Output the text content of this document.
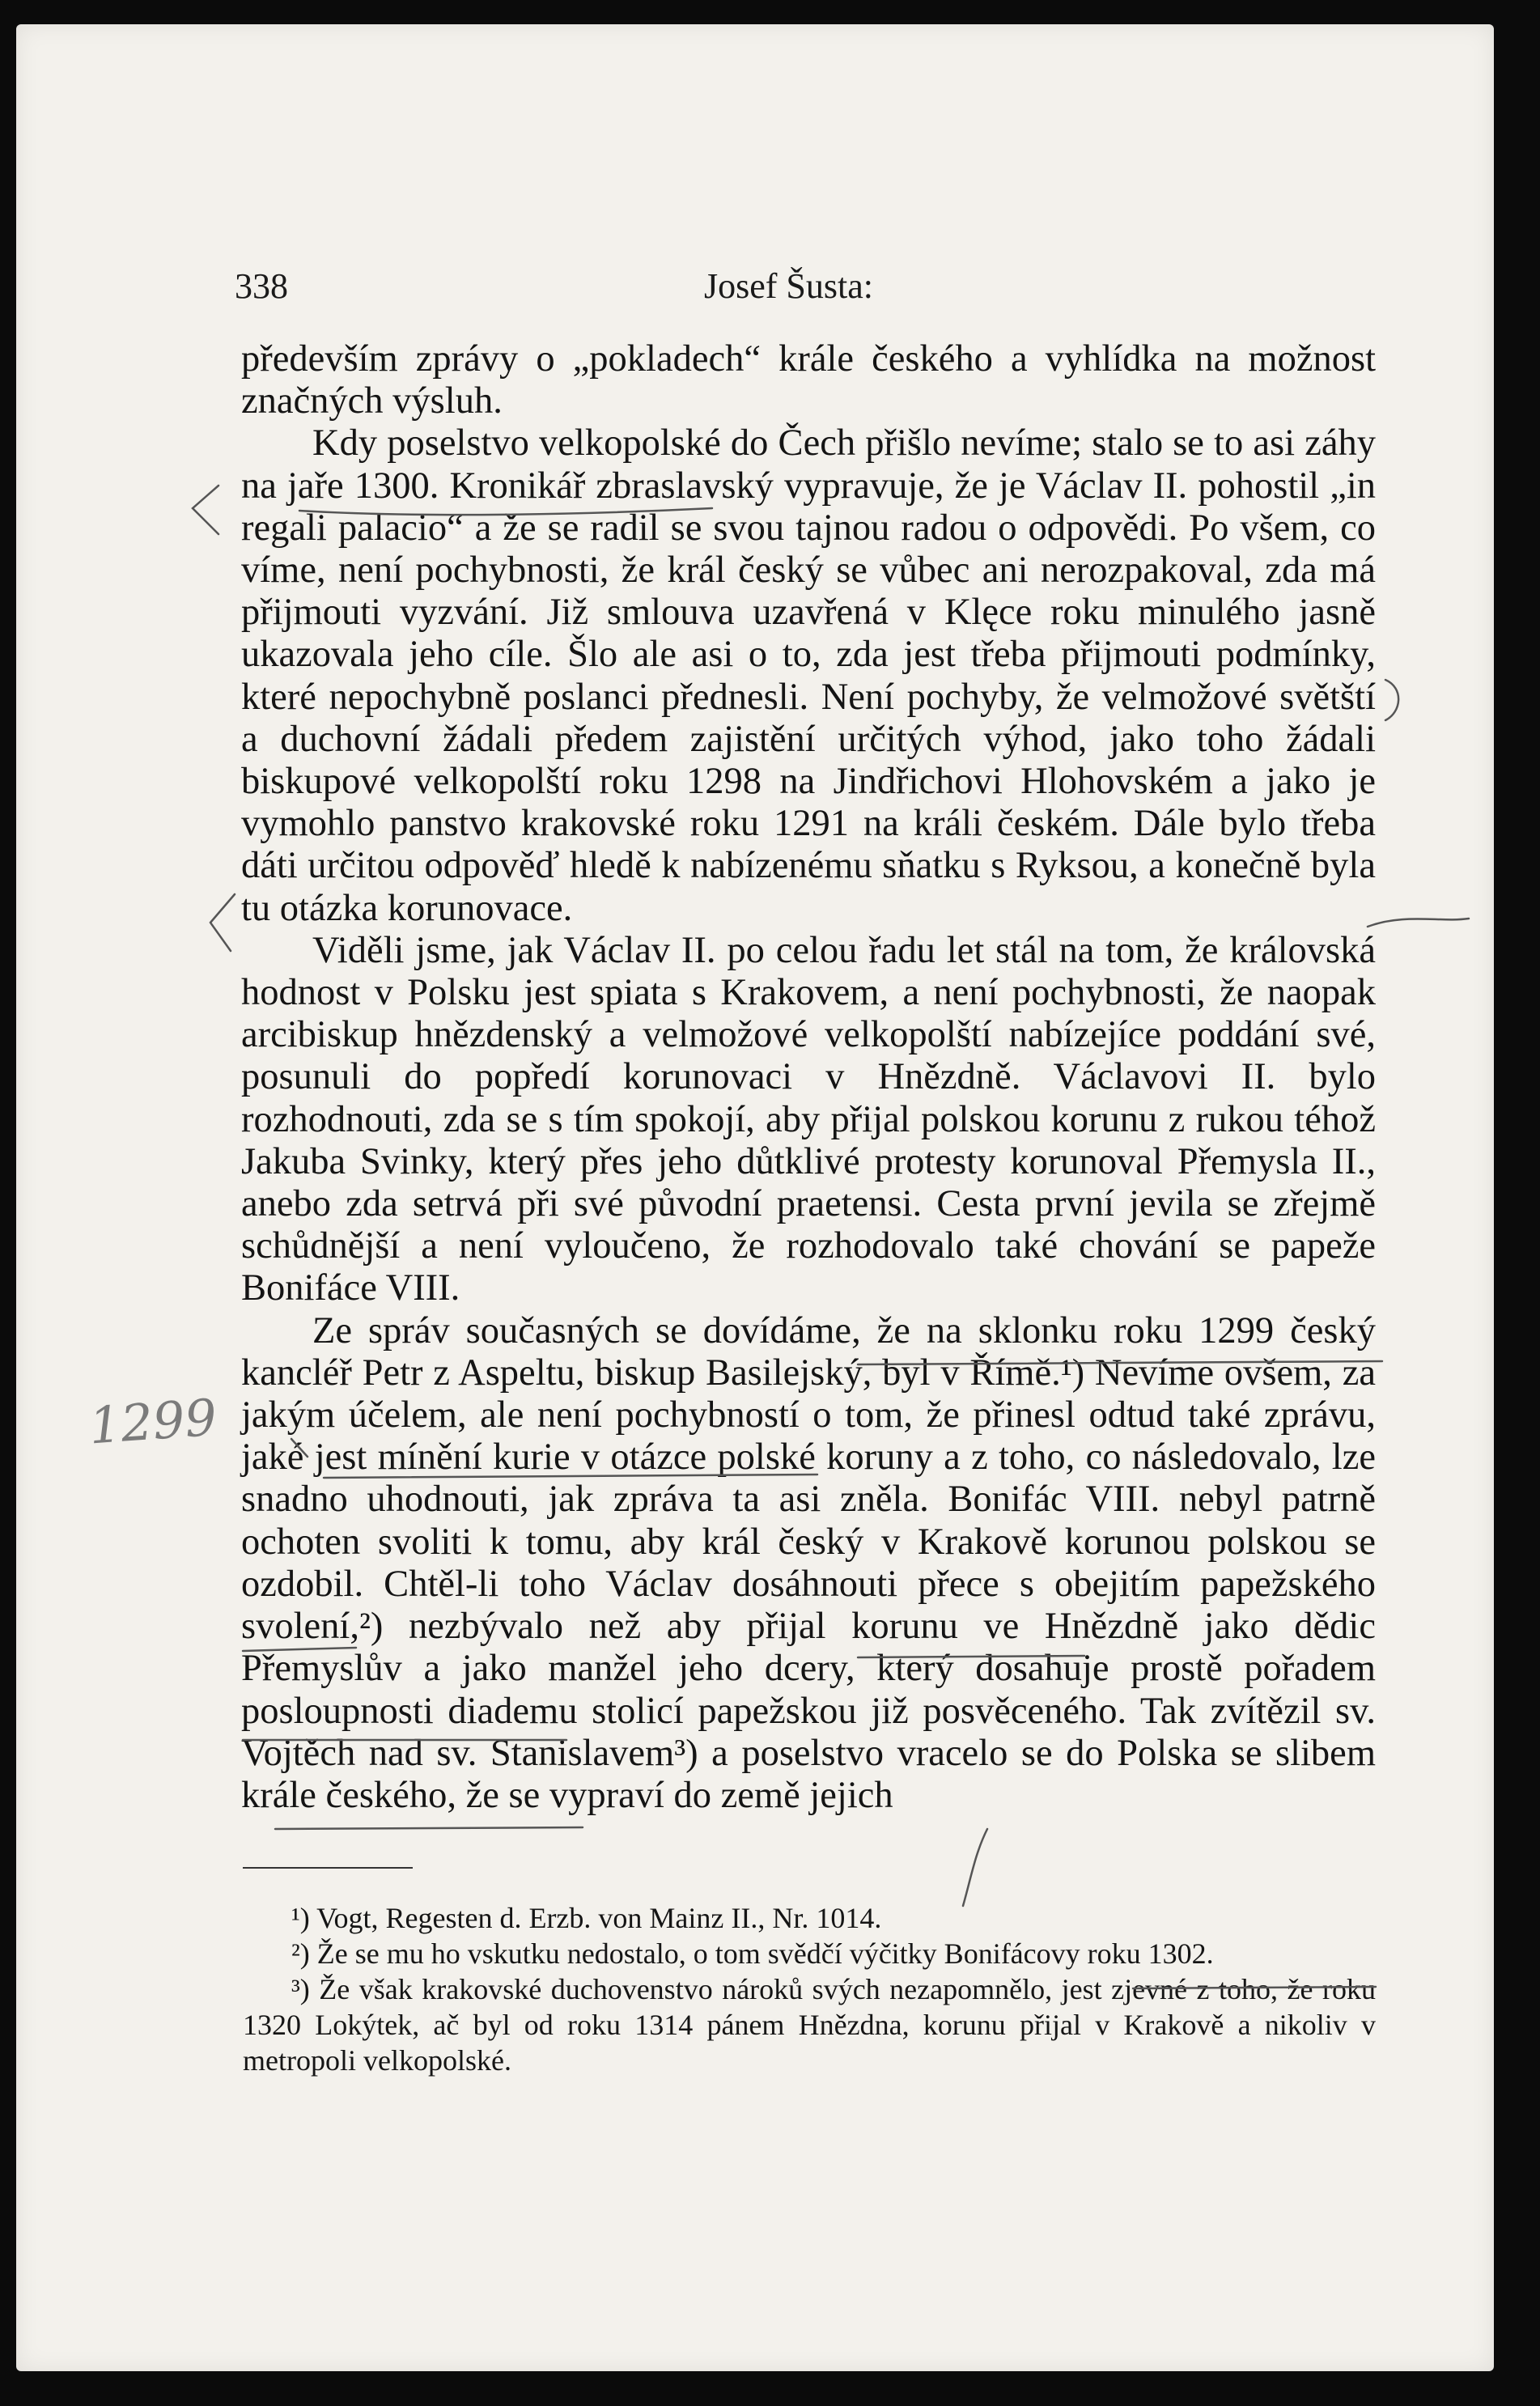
338	Josef Šusta:

především zprávy o „pokladech“ krále českého a vyhlídka na možnost značných výsluh.

Kdy poselstvo velkopolské do Čech přišlo nevíme; stalo se to asi záhy na jaře 1300. Kronikář zbraslavský vypravuje, že je Václav II. pohostil „in regali palacio“ a že se radil se svou tajnou radou o odpovědi. Po všem, co víme, není pochybnosti, že král český se vůbec ani nerozpakoval, zda má přijmouti vyzvání. Již smlouva uzavřená v Klęce roku minulého jasně ukazovala jeho cíle. Šlo ale asi o to, zda jest třeba přijmouti podmínky, které nepochybně poslanci přednesli. Není pochyby, že velmožové světští a duchovní žádali předem zajistění určitých výhod, jako toho žádali biskupové velkopolští roku 1298 na Jindřichovi Hlohovském a jako je vymohlo panstvo krakovské roku 1291 na králi českém. Dále bylo třeba dáti určitou odpověď hledě k nabízenému sňatku s Ryksou, a konečně byla tu otázka korunovace.

Viděli jsme, jak Václav II. po celou řadu let stál na tom, že královská hodnost v Polsku jest spiata s Krakovem, a není pochybnosti, že naopak arcibiskup hnězdenský a velmožové velkopolští nabízejíce poddání své, posunuli do popředí korunovaci v Hnězdně. Václavovi II. bylo rozhodnouti, zda se s tím spokojí, aby přijal polskou korunu z rukou téhož Jakuba Svinky, který přes jeho důtklivé protesty korunoval Přemysla II., anebo zda setrvá při své původní praetensi. Cesta první jevila se zřejmě schůdnější a není vyloučeno, že rozhodovalo také chování se papeže Bonifáce VIII.

Ze správ současných se dovídáme, že na sklonku roku 1299 český kancléř Petr z Aspeltu, biskup Basilejský, byl v Římě.¹) Nevíme ovšem, za jakým účelem, ale není pochybností o tom, že přinesl odtud také zprávu, jaké jest mínění kurie v otázce polské koruny a z toho, co následovalo, lze snadno uhodnouti, jak zpráva ta asi zněla. Bonifác VIII. nebyl patrně ochoten svoliti k tomu, aby král český v Krakově korunou polskou se ozdobil. Chtěl-li toho Václav dosáhnouti přece s obejitím papežského svolení,²) nezbývalo než aby přijal korunu ve Hnězdně jako dědic Přemyslův a jako manžel jeho dcery, který dosahuje prostě pořadem posloupnosti diademu stolicí papežskou již posvěceného. Tak zvítězil sv. Vojtěch nad sv. Stanislavem³) a poselstvo vracelo se do Polska se slibem krále českého, že se vypraví do země jejich

¹) Vogt, Regesten d. Erzb. von Mainz II., Nr. 1014.

²) Že se mu ho vskutku nedostalo, o tom svědčí výčitky Bonifácovy roku 1302.

³) Že však krakovské duchovenstvo nároků svých nezapomnělo, jest zjevné z toho, že roku 1320 Lokýtek, ač byl od roku 1314 pánem Hnězdna, korunu přijal v Krakově a nikoliv v metropoli velkopolské.

1299
